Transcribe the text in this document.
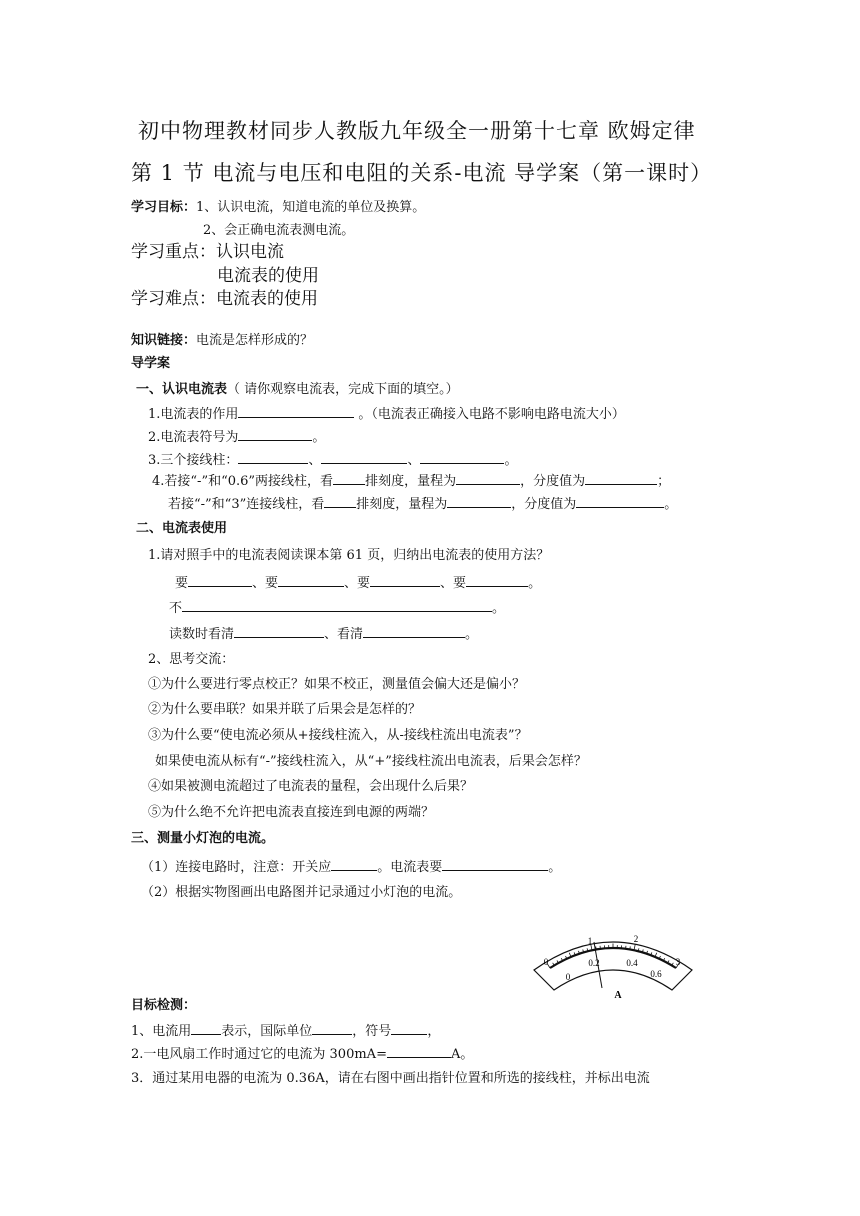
初中物理教材同步人教版九年级全一册第十七章 欧姆定律
第 1 节 电流与电压和电阻的关系-电流 导学案（第一课时）
学习目标：1、认识电流，知道电流的单位及换算。
2、会正确电流表测电流。
学习重点：认识电流
电流表的使用
学习难点：电流表的使用
知识链接：电流是怎样形成的？
导学案
一、认识电流表（ 请你观察电流表，完成下面的填空。）
1.电流表的作用	。（电流表正确接入电路不影响电路电流大小）
2.电流表符号为	。
3.三个接线柱：	、	、	。
4.若接“-”和“0.6”两接线柱，看 排刻度，量程为	，分度值为	；
若接“-”和“3”连接线柱，看 排刻度，量程为	，分度值为	。
二、电流表使用
1.请对照手中的电流表阅读课本第 61 页，归纳出电流表的使用方法？
要	、要	、要	、要	。
不	。
读数时看清	、看清	。
2、思考交流：
①为什么要进行零点校正？如果不校正，测量值会偏大还是偏小？
②为什么要串联？如果并联了后果会是怎样的？
③为什么要“使电流必须从+接线柱流入，从-接线柱流出电流表”？
如果使电流从标有“-”接线柱流入，从“+”接线柱流出电流表，后果会怎样？
④如果被测电流超过了电流表的量程，会出现什么后果？
⑤为什么绝不允许把电流表直接连到电源的两端？
三、测量小灯泡的电流。
（1）连接电路时，注意：开关应	。电流表要	。
（2）根据实物图画出电路图并记录通过小灯泡的电流。
0
1	2
3
0
0.2	0.4
0.6
A
目标检测：
1、电流用 表示，国际单位	，符号	，
2.一电风扇工作时通过它的电流为 300mA=	A。
3．通过某用电器的电流为 0.36A，请在右图中画出指针位置和所选的接线柱，并标出电流
